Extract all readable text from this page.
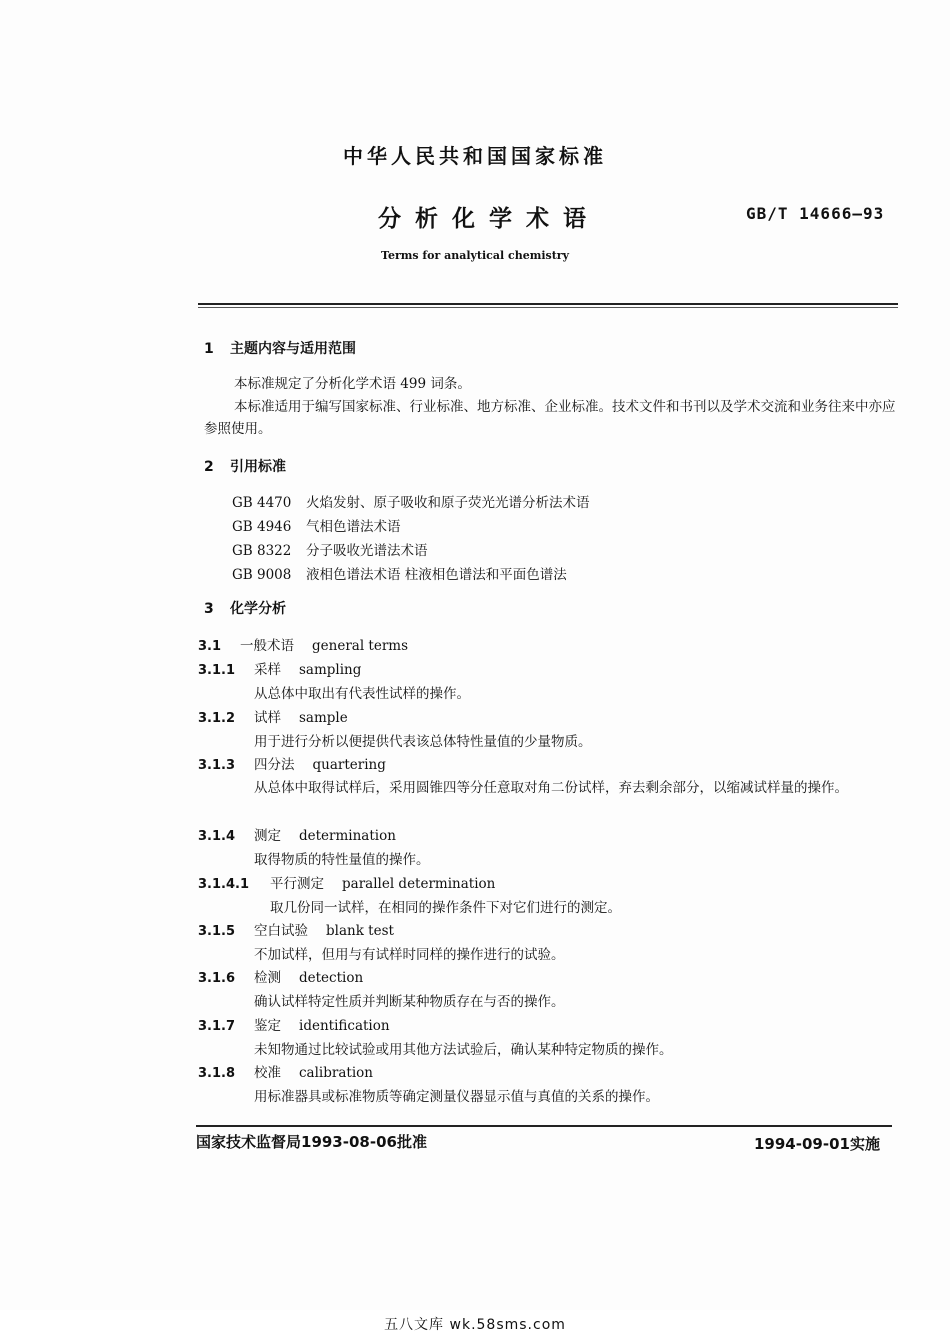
中华人民共和国国家标准
分析化学术语	GB/T 14666—93
Terms for analytical chemistry
1 主题内容与适用范围
本标准规定了分析化学术语 499 词条。
本标准适用于编写国家标准、行业标准、地方标准、企业标准。技术文件和书刊以及学术交流和业务往来中亦应参照使用。
2 引用标准
GB 4470 火焰发射、原子吸收和原子荧光光谱分析法术语
GB 4946 气相色谱法术语
GB 8322 分子吸收光谱法术语
GB 9008 液相色谱法术语 柱液相色谱法和平面色谱法
3 化学分析
3.1 一般术语 general terms
3.1.1 采样 sampling
从总体中取出有代表性试样的操作。
3.1.2 试样 sample
用于进行分析以便提供代表该总体特性量值的少量物质。
3.1.3 四分法 quartering
从总体中取得试样后，采用圆锥四等分任意取对角二份试样，弃去剩余部分，以缩减试样量的操作。
3.1.4 测定 determination
取得物质的特性量值的操作。
3.1.4.1 平行测定 parallel determination
取几份同一试样，在相同的操作条件下对它们进行的测定。
3.1.5 空白试验 blank test
不加试样，但用与有试样时同样的操作进行的试验。
3.1.6 检测 detection
确认试样特定性质并判断某种物质存在与否的操作。
3.1.7 鉴定 identification
未知物通过比较试验或用其他方法试验后，确认某种特定物质的操作。
3.1.8 校准 calibration
用标准器具或标准物质等确定测量仪器显示值与真值的关系的操作。
国家技术监督局1993-08-06批准	1994-09-01实施
五八文库 wk.58sms.com
